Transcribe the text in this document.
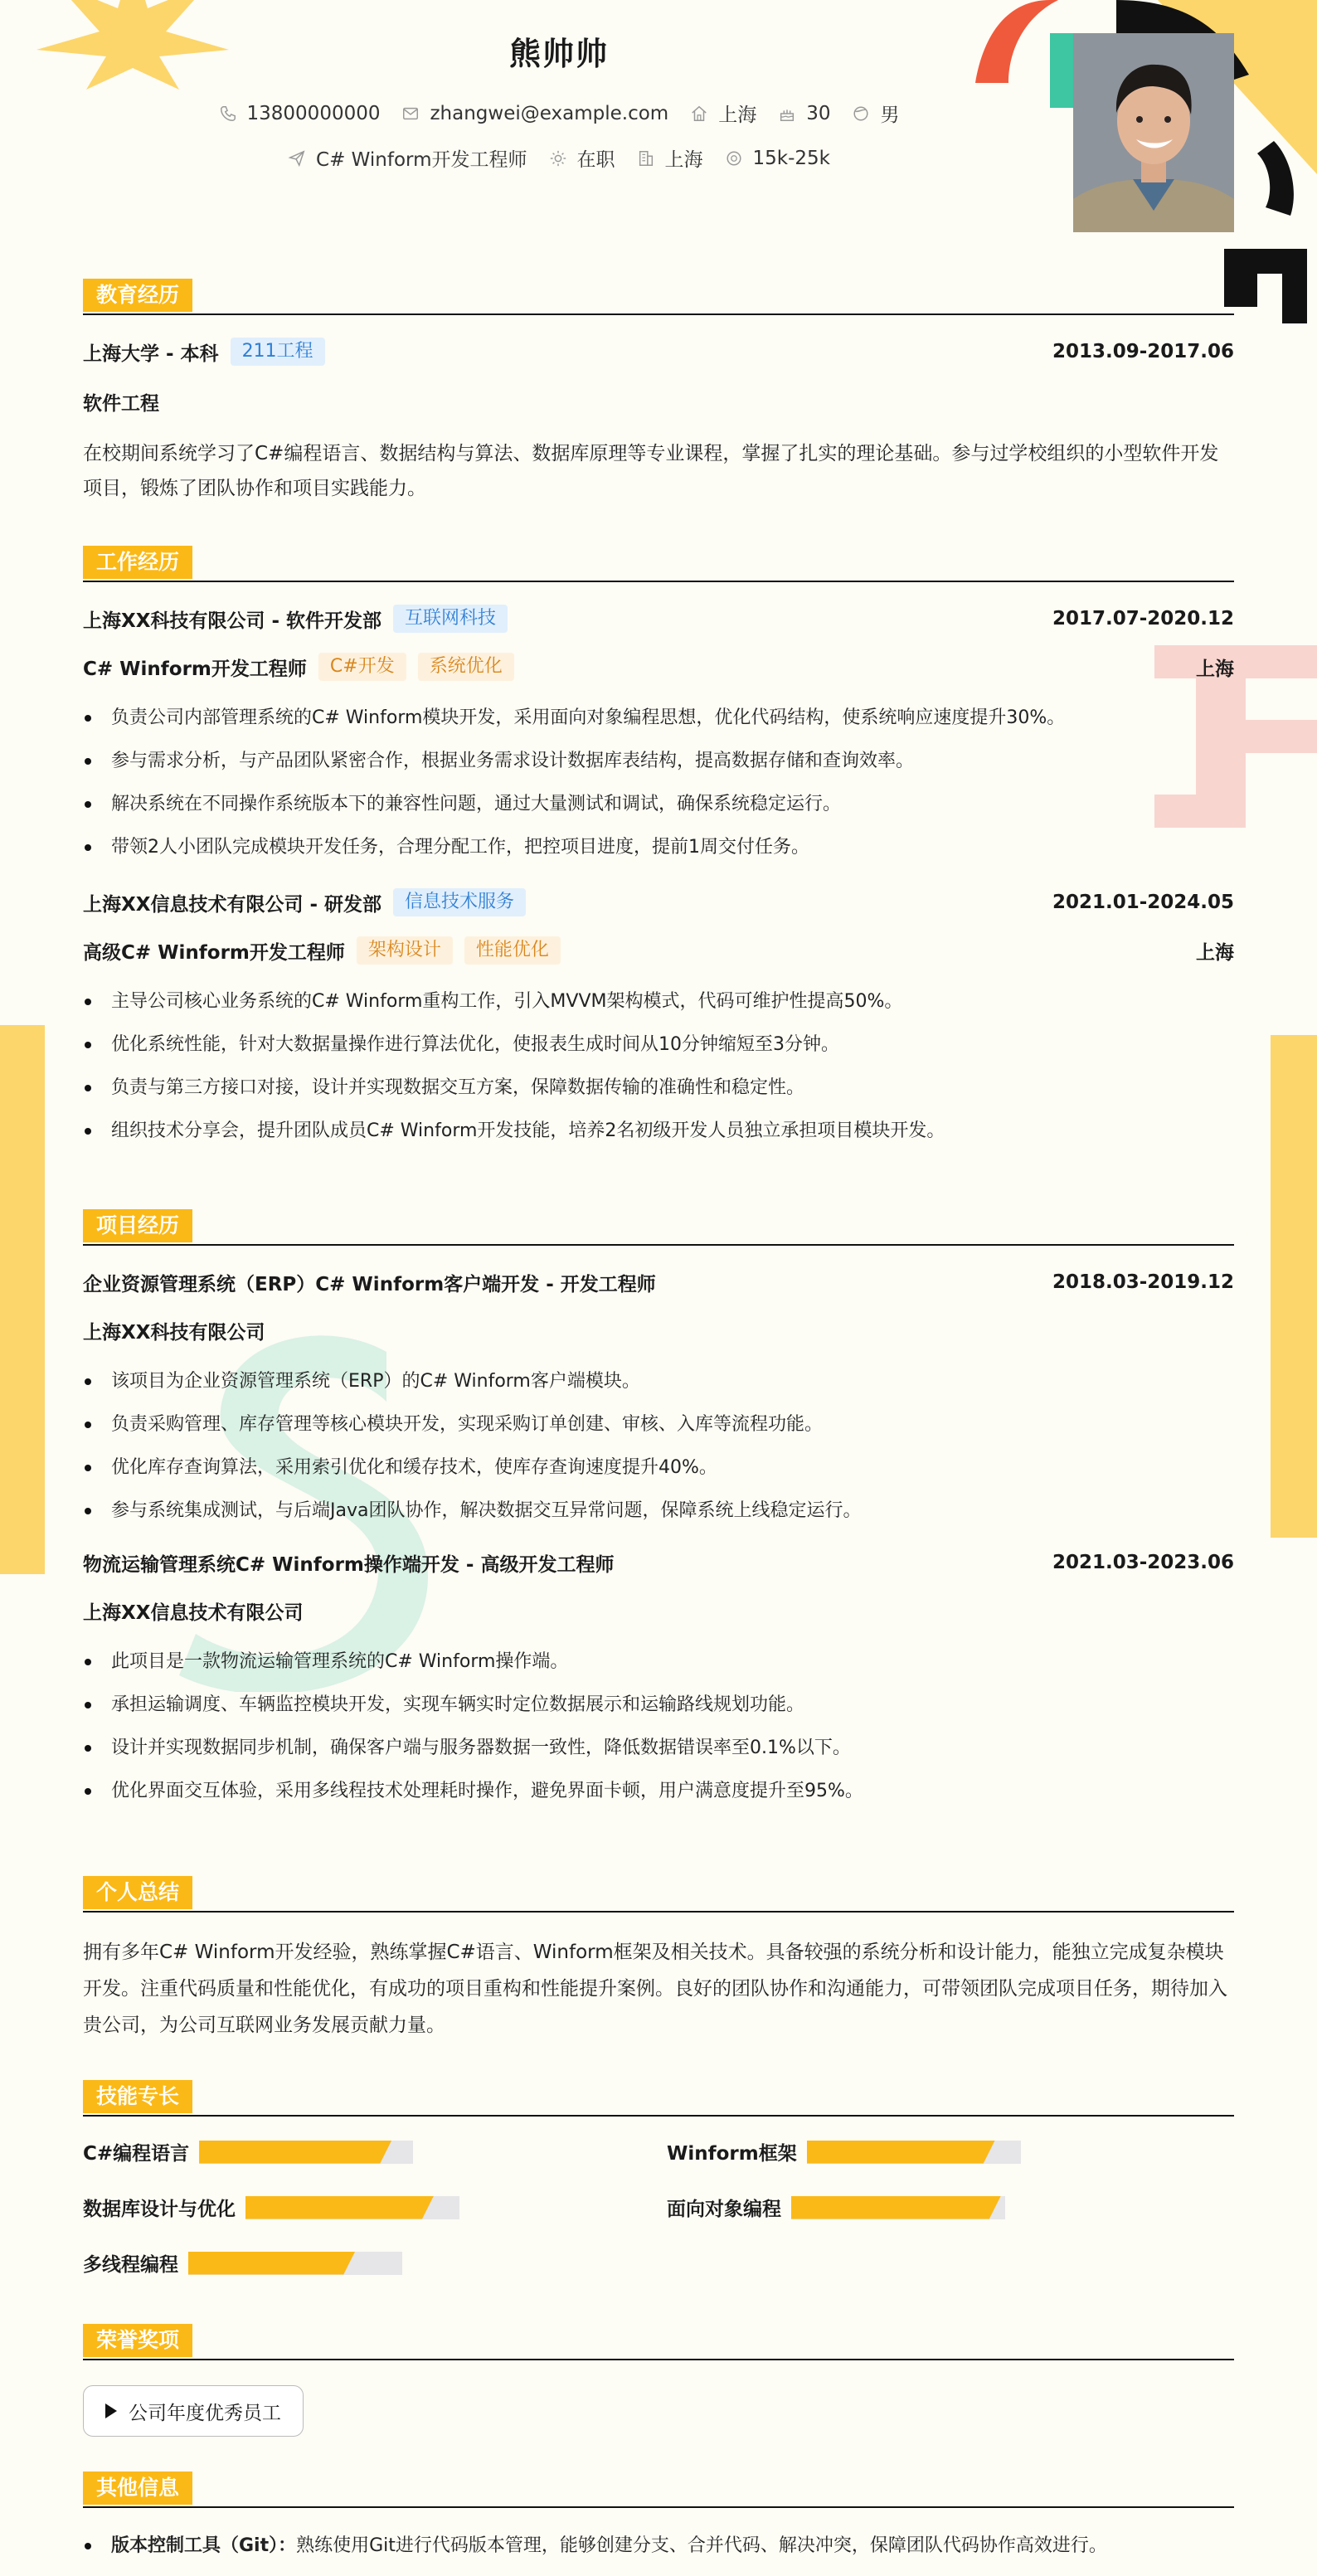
熊帅帅
13800000000	zhangwei@example.com	上海	30	男
C# Winform开发工程师	在职	上海	15k-25k
教育经历
上海大学 - 本科	211工程	2013.09-2017.06
软件工程
在校期间系统学习了C#编程语言、数据结构与算法、数据库原理等专业课程，掌握了扎实的理论基础。参与过学校组织的小型软件开发项目，锻炼了团队协作和项目实践能力。
工作经历
上海XX科技有限公司 - 软件开发部	互联网科技	2017.07-2020.12
C# Winform开发工程师	C#开发	系统优化	上海
负责公司内部管理系统的C# Winform模块开发，采用面向对象编程思想，优化代码结构，使系统响应速度提升30%。
参与需求分析，与产品团队紧密合作，根据业务需求设计数据库表结构，提高数据存储和查询效率。
解决系统在不同操作系统版本下的兼容性问题，通过大量测试和调试，确保系统稳定运行。
带领2人小团队完成模块开发任务，合理分配工作，把控项目进度，提前1周交付任务。
上海XX信息技术有限公司 - 研发部	信息技术服务	2021.01-2024.05
高级C# Winform开发工程师	架构设计	性能优化	上海
主导公司核心业务系统的C# Winform重构工作，引入MVVM架构模式，代码可维护性提高50%。
优化系统性能，针对大数据量操作进行算法优化，使报表生成时间从10分钟缩短至3分钟。
负责与第三方接口对接，设计并实现数据交互方案，保障数据传输的准确性和稳定性。
组织技术分享会，提升团队成员C# Winform开发技能，培养2名初级开发人员独立承担项目模块开发。
项目经历
企业资源管理系统（ERP）C# Winform客户端开发 - 开发工程师	2018.03-2019.12
上海XX科技有限公司
该项目为企业资源管理系统（ERP）的C# Winform客户端模块。
负责采购管理、库存管理等核心模块开发，实现采购订单创建、审核、入库等流程功能。
优化库存查询算法，采用索引优化和缓存技术，使库存查询速度提升40%。
参与系统集成测试，与后端Java团队协作，解决数据交互异常问题，保障系统上线稳定运行。
物流运输管理系统C# Winform操作端开发 - 高级开发工程师	2021.03-2023.06
上海XX信息技术有限公司
此项目是一款物流运输管理系统的C# Winform操作端。
承担运输调度、车辆监控模块开发，实现车辆实时定位数据展示和运输路线规划功能。
设计并实现数据同步机制，确保客户端与服务器数据一致性，降低数据错误率至0.1%以下。
优化界面交互体验，采用多线程技术处理耗时操作，避免界面卡顿，用户满意度提升至95%。
个人总结
拥有多年C# Winform开发经验，熟练掌握C#语言、Winform框架及相关技术。具备较强的系统分析和设计能力，能独立完成复杂模块开发。注重代码质量和性能优化，有成功的项目重构和性能提升案例。良好的团队协作和沟通能力，可带领团队完成项目任务，期待加入贵公司，为公司互联网业务发展贡献力量。
技能专长
C#编程语言	Winform框架
数据库设计与优化	面向对象编程
多线程编程
荣誉奖项
公司年度优秀员工
其他信息
版本控制工具（Git）：熟练使用Git进行代码版本管理，能够创建分支、合并代码、解决冲突，保障团队代码协作高效进行。
